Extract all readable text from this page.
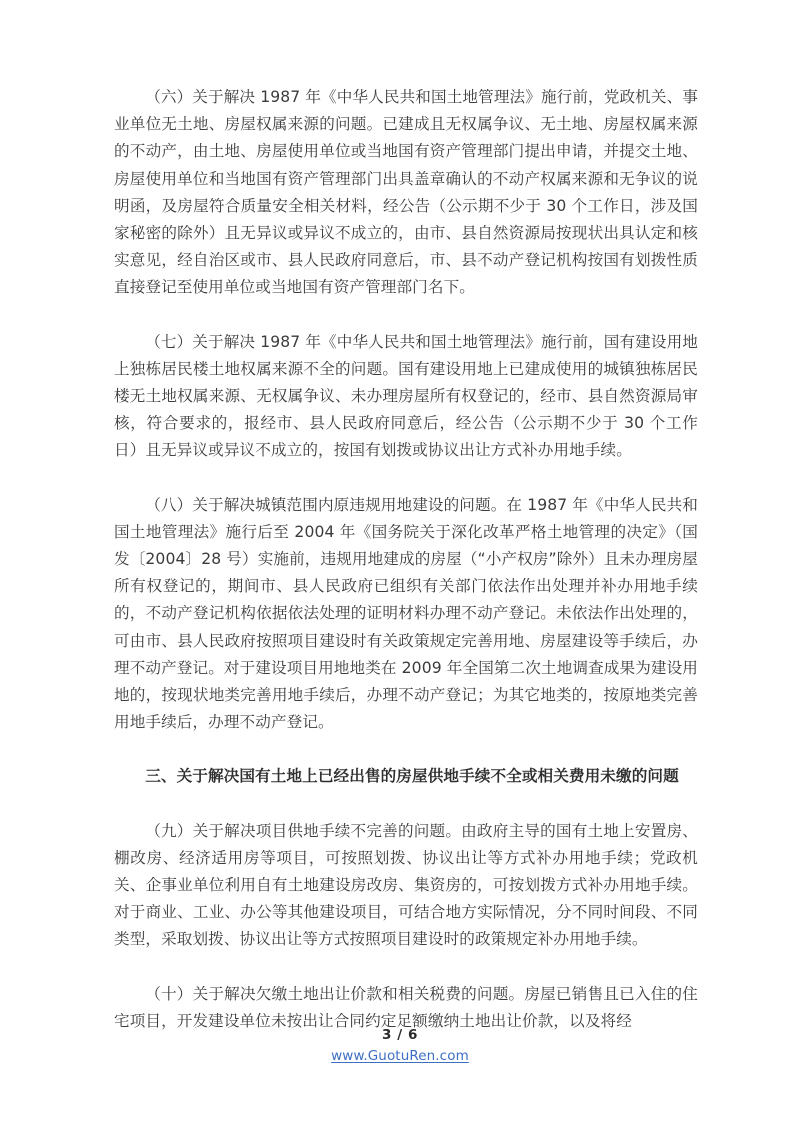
（六）关于解决 1987 年《中华人民共和国土地管理法》施行前，党政机关、事业单位无土地、房屋权属来源的问题。已建成且无权属争议、无土地、房屋权属来源的不动产，由土地、房屋使用单位或当地国有资产管理部门提出申请，并提交土地、房屋使用单位和当地国有资产管理部门出具盖章确认的不动产权属来源和无争议的说明函，及房屋符合质量安全相关材料，经公告（公示期不少于 30 个工作日，涉及国家秘密的除外）且无异议或异议不成立的，由市、县自然资源局按现状出具认定和核实意见，经自治区或市、县人民政府同意后，市、县不动产登记机构按国有划拨性质直接登记至使用单位或当地国有资产管理部门名下。

（七）关于解决 1987 年《中华人民共和国土地管理法》施行前，国有建设用地上独栋居民楼土地权属来源不全的问题。国有建设用地上已建成使用的城镇独栋居民楼无土地权属来源、无权属争议、未办理房屋所有权登记的，经市、县自然资源局审核，符合要求的，报经市、县人民政府同意后，经公告（公示期不少于 30 个工作日）且无异议或异议不成立的，按国有划拨或协议出让方式补办用地手续。

（八）关于解决城镇范围内原违规用地建设的问题。在 1987 年《中华人民共和国土地管理法》施行后至 2004 年《国务院关于深化改革严格土地管理的决定》（国发〔2004〕28 号）实施前，违规用地建成的房屋（“小产权房”除外）且未办理房屋所有权登记的，期间市、县人民政府已组织有关部门依法作出处理并补办用地手续的，不动产登记机构依据依法处理的证明材料办理不动产登记。未依法作出处理的，可由市、县人民政府按照项目建设时有关政策规定完善用地、房屋建设等手续后，办理不动产登记。对于建设项目用地地类在 2009 年全国第二次土地调查成果为建设用地的，按现状地类完善用地手续后，办理不动产登记；为其它地类的，按原地类完善用地手续后，办理不动产登记。

三、关于解决国有土地上已经出售的房屋供地手续不全或相关费用未缴的问题

（九）关于解决项目供地手续不完善的问题。由政府主导的国有土地上安置房、棚改房、经济适用房等项目，可按照划拨、协议出让等方式补办用地手续；党政机关、企事业单位利用自有土地建设房改房、集资房的，可按划拨方式补办用地手续。对于商业、工业、办公等其他建设项目，可结合地方实际情况，分不同时间段、不同类型，采取划拨、协议出让等方式按照项目建设时的政策规定补办用地手续。

（十）关于解决欠缴土地出让价款和相关税费的问题。房屋已销售且已入住的住宅项目，开发建设单位未按出让合同约定足额缴纳土地出让价款，以及将经

3 / 6
www.GuotuRen.com
